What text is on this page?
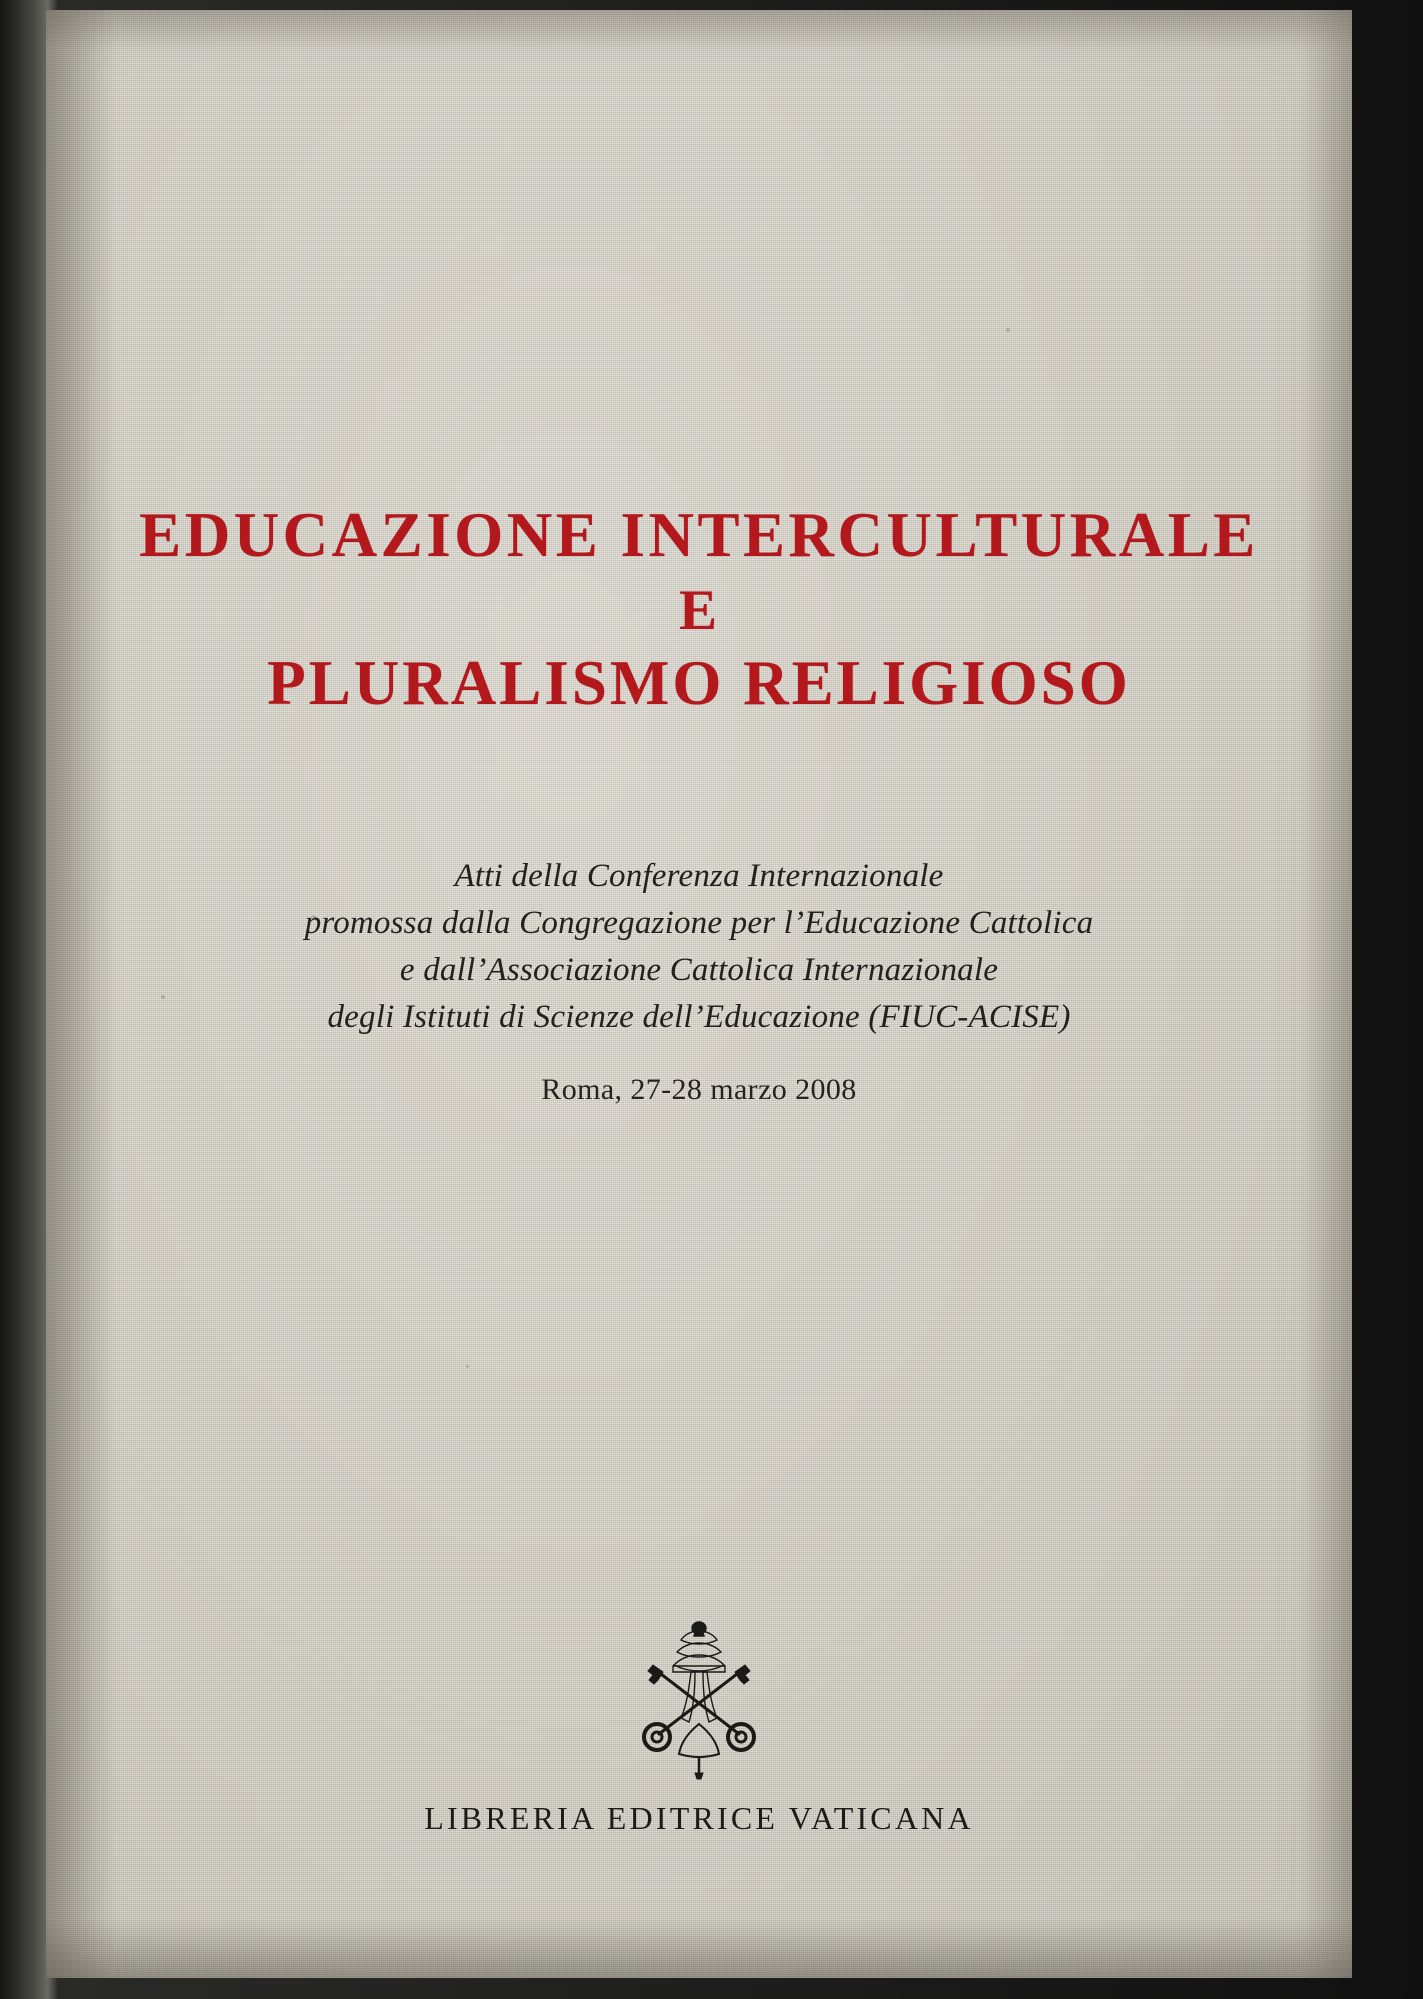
EDUCAZIONE INTERCULTURALE
E
PLURALISMO RELIGIOSO
Atti della Conferenza Internazionale
promossa dalla Congregazione per l’Educazione Cattolica
e dall’Associazione Cattolica Internazionale
degli Istituti di Scienze dell’Educazione (FIUC-ACISE)
Roma, 27-28 marzo 2008
LIBRERIA EDITRICE VATICANA
